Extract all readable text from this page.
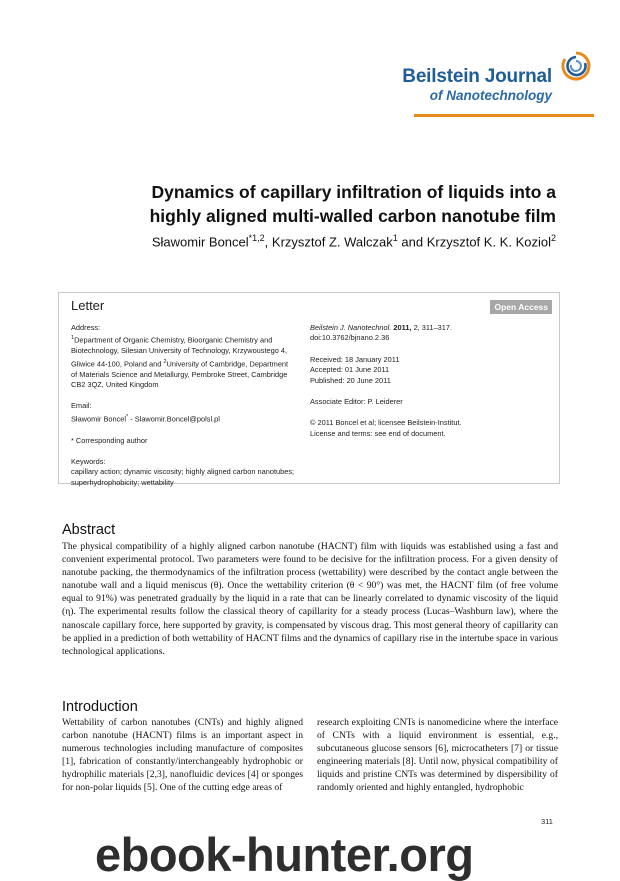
Beilstein Journal
of Nanotechnology
Dynamics of capillary infiltration of liquids into a highly aligned multi-walled carbon nanotube film
Sławomir Boncel$^{*1,2}$, Krzysztof Z. Walczak$^1$ and Krzysztof K. K. Koziol$^2$
Letter	Open Access

Address:

$^1$Department of Organic Chemistry, Bioorganic Chemistry and Biotechnology, Silesian University of Technology, Krzywoustego 4, Gliwice 44-100, Poland and $^2$University of Cambridge, Department of Materials Science and Metallurgy, Pembroke Street, Cambridge CB2 3QZ, United Kingdom

Email:

Sławomir Boncel* - Slawomir.Boncel@polsl.pl

* Corresponding author

Keywords:

capillary action; dynamic viscosity; highly aligned carbon nanotubes; superhydrophobicity; wettability

Beilstein J. Nanotechnol. 2011, 2, 311–317.

doi:10.3762/bjnano.2.36

Received: 18 January 2011

Accepted: 01 June 2011

Published: 20 June 2011

Associate Editor: P. Leiderer

© 2011 Boncel et al; licensee Beilstein-Institut.

License and terms: see end of document.

Abstract
The physical compatibility of a highly aligned carbon nanotube (HACNT) film with liquids was established using a fast and convenient experimental protocol. Two parameters were found to be decisive for the infiltration process. For a given density of nanotube packing, the thermodynamics of the infiltration process (wettability) were described by the contact angle between the nanotube wall and a liquid meniscus (θ). Once the wettability criterion (θ < 90°) was met, the HACNT film (of free volume equal to 91%) was penetrated gradually by the liquid in a rate that can be linearly correlated to dynamic viscosity of the liquid (η). The experimental results follow the classical theory of capillarity for a steady process (Lucas–Washburn law), where the nanoscale capillary force, here supported by gravity, is compensated by viscous drag. This most general theory of capillarity can be applied in a prediction of both wettability of HACNT films and the dynamics of capillary rise in the intertube space in various technological applications.
Introduction
Wettability of carbon nanotubes (CNTs) and highly aligned carbon nanotube (HACNT) films is an important aspect in numerous technologies including manufacture of composites [1], fabrication of constantly/interchangeably hydrophobic or hydrophilic materials [2,3], nanofluidic devices [4] or sponges for non-polar liquids [5]. One of the cutting edge areas of
research exploiting CNTs is nanomedicine where the interface of CNTs with a liquid environment is essential, e.g., subcutaneous glucose sensors [6], microcatheters [7] or tissue engineering materials [8]. Until now, physical compatibility of liquids and pristine CNTs was determined by dispersibility of randomly oriented and highly entangled, hydrophobic
311
ebook-hunter.org
